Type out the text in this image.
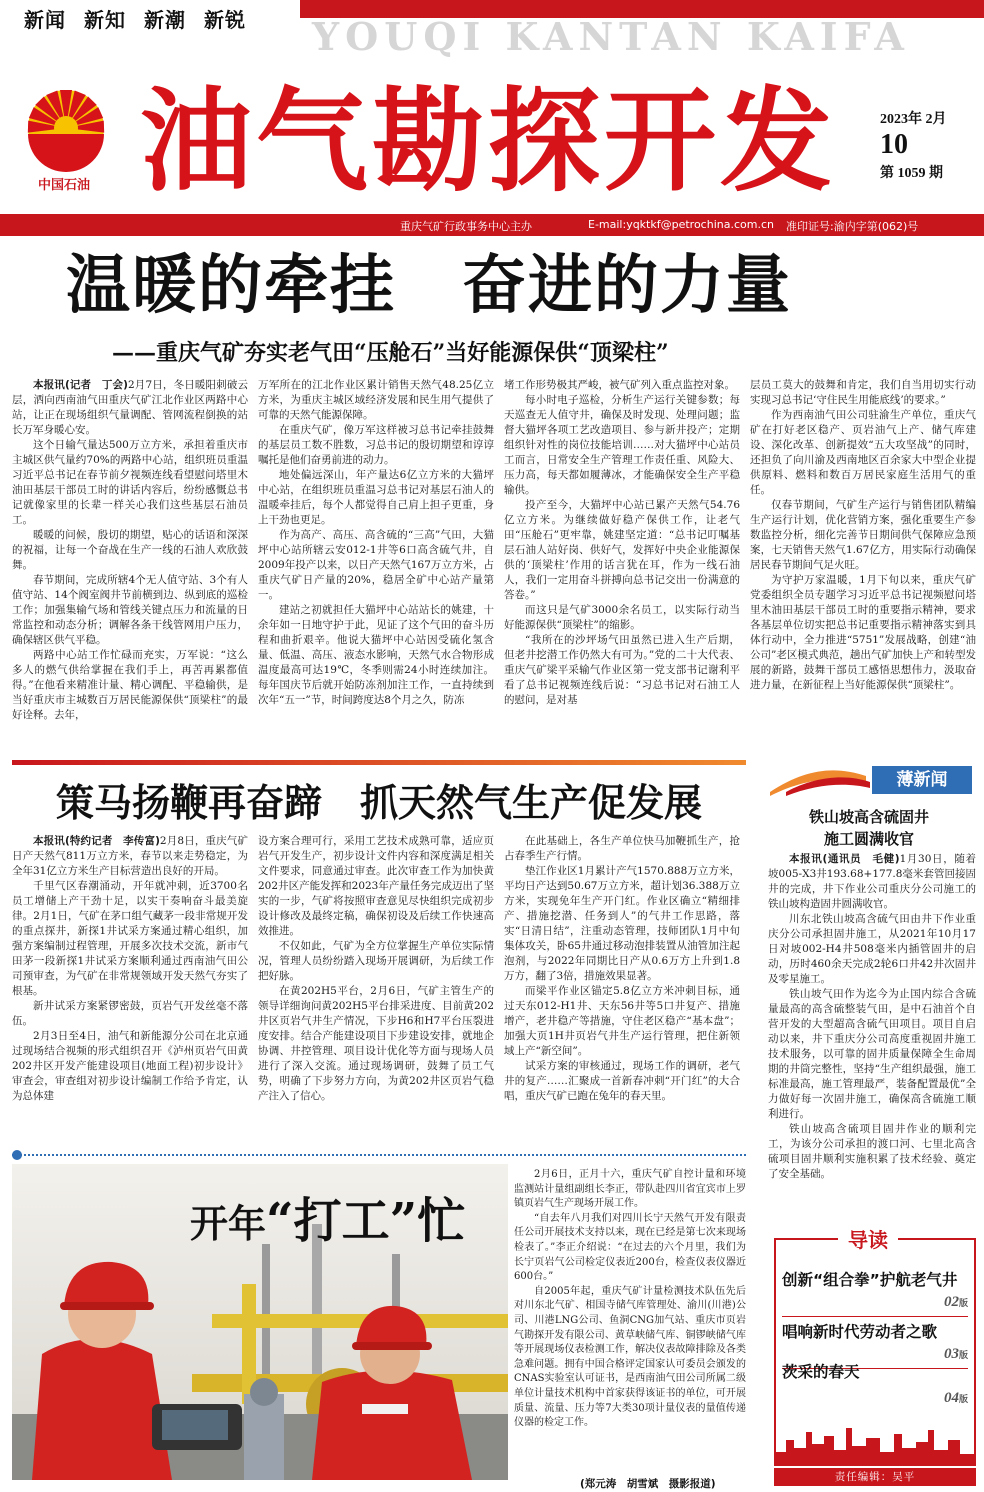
新闻 新知 新潮 新锐 YOUQI KANTAN KAIFA
中国石油 油气勘探开发	2023年 2月
10
第 1059 期
重庆气矿行政事务中心主办	E-mail:yqktkf@petrochina.com.cn 准印证号:渝内字第(062)号
温暖的牵挂　奋进的力量
——重庆气矿夯实老气田“压舱石”当好能源保供“顶梁柱”

本报讯(记者　丁会)2月7日，冬日暖阳刺破云层，洒向西南油气田重庆气矿江北作业区两路中心站，让正在现场组织气量调配、管网流程倒换的站长万军身暖心安。

这个日输气量达500万立方米，承担着重庆市主城区供气量约70%的两路中心站，组织班员重温习近平总书记在春节前夕视频连线看望慰问塔里木油田基层干部员工时的讲话内容后，纷纷感慨总书记就像家里的长辈一样关心我们这些基层石油员工。

暖暖的问候，殷切的期望，贴心的话语和深深的祝福，让每一个奋战在生产一线的石油人欢欣鼓舞。

春节期间，完成所辖4个无人值守站、3个有人值守站、14个阀室阀井节前横到边、纵到底的巡检工作；加强集输气场和管线关键点压力和流量的日常监控和动态分析；调解各条干线管网用户压力，确保辖区供气平稳。

两路中心站工作忙碌而充实，万军说：“这么多人的燃气供给掌握在我们手上，再苦再累都值得。”在他看来精准计量、精心调配、平稳输供，是当好重庆市主城数百万居民能源保供“顶梁柱”的最好诠释。去年，

万军所在的江北作业区累计销售天然气48.25亿立方米，为重庆主城区域经济发展和民生用气提供了可靠的天然气能源保障。

在重庆气矿，像万军这样被习总书记牵挂鼓舞的基层员工数不胜数，习总书记的殷切期望和谆谆嘱托是他们奋勇前进的动力。

地处偏远深山，年产量达6亿立方米的大猫坪中心站，在组织班员重温习总书记对基层石油人的温暖牵挂后，每个人都觉得自己肩上担子更重，身上干劲也更足。

作为高产、高压、高含硫的“三高”气田，大猫坪中心站所辖云安012-1井等6口高含硫气井，自2009年投产以来，以日产天然气167万立方米，占重庆气矿日产量的20%，稳居全矿中心站产量第一。

建站之初就担任大猫坪中心站站长的姚建，十余年如一日地守护于此，见证了这个气田的奋斗历程和曲折艰辛。他说大猫坪中心站因受硫化氢含量、低温、高压、液态水影响，天然气水合物形成温度最高可达19℃，冬季则需24小时连续加注。每年国庆节后就开始防冻剂加注工作，一直持续到次年“五一”节，时间跨度达8个月之久，防冻

堵工作形势极其严峻，被气矿列入重点监控对象。

每小时电子巡检，分析生产运行关键参数；每天巡查无人值守井，确保及时发现、处理问题；监督大猫坪各项工艺改造项目、参与新井投产；定期组织针对性的岗位技能培训……对大猫坪中心站员工而言，日常安全生产管理工作责任重、风险大、压力高，每天都如履薄冰，才能确保安全生产平稳输供。

投产至今，大猫坪中心站已累产天然气54.76亿立方米。为继续做好稳产保供工作，让老气田“压舱石”更牢靠，姚建坚定道：“总书记叮嘱基层石油人站好岗、供好气，发挥好中央企业能源保供的‘顶梁柱’作用的话言犹在耳，作为一线石油人，我们一定用奋斗拼搏向总书记交出一份满意的答卷。”

而这只是气矿3000余名员工，以实际行动当好能源保供“顶梁柱”的缩影。

“我所在的沙坪场气田虽然已进入生产后期，但老井挖潜工作仍然大有可为。”党的二十大代表、重庆气矿梁平采输气作业区第一党支部书记谢利平看了总书记视频连线后说：“习总书记对石油工人的慰问，是对基

层员工莫大的鼓舞和肯定，我们自当用切实行动实现习总书记‘守住民生用能底线’的要求。”

作为西南油气田公司驻渝生产单位，重庆气矿在打好老区稳产、页岩油气上产、储气库建设、深化改革、创新提效“五大攻坚战”的同时，还担负了向川渝及西南地区百余家大中型企业提供原料、燃料和数百万居民家庭生活用气的重任。

仅春节期间，气矿生产运行与销售团队精编生产运行计划，优化营销方案，强化重要生产参数监控分析，细化完善节日期间供气保障应急预案，七天销售天然气1.67亿方，用实际行动确保居民春节期间气足火旺。

为守护万家温暖，1月下旬以来，重庆气矿党委组织全员专题学习习近平总书记视频慰问塔里木油田基层干部员工时的重要指示精神，要求各基层单位切实把总书记重要指示精神落实到具体行动中，全力推进“5751”发展战略，创建“油公司”老区模式典范，趟出气矿加快上产和转型发展的新路，鼓舞干部员工感悟思想伟力，汲取奋进力量，在新征程上当好能源保供“顶梁柱”。

策马扬鞭再奋蹄　抓天然气生产促发展

本报讯(特约记者　李传富)2月8日，重庆气矿日产天然气811万立方米，春节以来走势稳定，为全年31亿立方米生产目标营造出良好的开局。

千里气区春潮涌动，开年就冲刺，近3700名员工增储上产干劲十足，以实干奏响奋斗最美旋律。2月1日，气矿在茅口组气藏茅一段非常规开发的重点探井，新探1井试采方案通过精心组织，加强方案编制过程管理，开展多次技术交流，新市气田茅一段新探1井试采方案顺利通过西南油气田公司预审查，为气矿在非常规领域开发天然气夯实了根基。

新井试采方案紧锣密鼓，页岩气开发丝毫不落伍。

2月3日至4日，油气和新能源分公司在北京通过现场结合视频的形式组织召开《泸州页岩气田黄202井区开发产能建设项目(地面工程)初步设计》审查会，审查组对初步设计编制工作给予肯定，认为总体建

设方案合理可行，采用工艺技术成熟可靠，适应页岩气开发生产，初步设计文件内容和深度满足相关文件要求，同意通过审查。此次审查工作为加快黄202井区产能发挥和2023年产量任务完成迈出了坚实的一步，气矿将按照审查意见尽快组织完成初步设计修改及最终定稿，确保初设及后续工作快速高效推进。

不仅如此，气矿为全方位掌握生产单位实际情况，管理人员纷纷踏入现场开展调研，为后续工作把好脉。

在黄202H5平台，2月6日，气矿主管生产的领导详细询问黄202H5平台排采进度、目前黄202井区页岩气井生产情况，下步H6和H7平台压裂进度安排。结合产能建设项目下步建设安排，就地企协调、井控管理、项目设计优化等方面与现场人员进行了深入交流。通过现场调研，鼓舞了员工气势，明确了下步努力方向，为黄202井区页岩气稳产注入了信心。

在此基础上，各生产单位快马加鞭抓生产，抢占春季生产行情。

垫江作业区1月累计产气1570.888万立方米，平均日产达到50.67万立方米，超计划36.388万立方米，实现免年生产开门红。作业区确立“精细排产、措施挖潜、任务到人”的气井工作思路，落实“日清日结”，注重动态管理，技师团队1月中旬集体攻关，卧65井通过移动泡排装置从油管加注起泡剂，与2022年同期比日产从0.6万方上升到1.8万方，翻了3倍，措施效果显著。

而梁平作业区锚定5.8亿立方米冲刺目标，通过天东012-H1井、天东56井等5口井复产、措施增产，老井稳产等措施，守住老区稳产“基本盘”；加强大页1H井页岩气井生产运行管理，把住新领域上产“新空间”。

试采方案的审核通过，现场工作的调研，老气井的复产……汇聚成一首新春冲刺“开门红”的大合唱，重庆气矿已跑在兔年的春天里。

薄新闻
铁山坡高含硫固井
施工圆满收官

本报讯(通讯员　毛健)1月30日，随着坡005-X3井193.68+177.8毫米套管回接固井的完成，井下作业公司重庆分公司施工的铁山坡构造固井圆满收官。

川东北铁山坡高含硫气田由井下作业重庆分公司承担固井施工，从2021年10月17日对坡002-H4井508毫米内插管固井的启动，历时460余天完成2轮6口井42井次固井及零星施工。

铁山坡气田作为迄今为止国内综合含硫量最高的高含硫整装气田，是中石油首个自营开发的大型超高含硫气田项目。项目自启动以来，井下重庆分公司高度重视固井施工技术服务，以可靠的固井质量保障全生命周期的井筒完整性，坚持“生产组织最强，施工标准最高，施工管理最严，装备配置最优”全力做好每一次固井施工，确保高含硫施工顺利进行。

铁山坡高含硫项目固井作业的顺利完工，为该分公司承担的渡口河、七里北高含硫项目固井顺利实施积累了技术经验、奠定了安全基础。

开年“打工”忙

2月6日，正月十六，重庆气矿自控计量和环境监测站计量组副组长李正，带队赴四川省宜宾市上罗镇页岩气生产现场开展工作。

“自去年八月我们对四川长宁天然气开发有限责任公司开展技术支持以来，现在已经是第七次来现场检表了。”李正介绍说：“在过去的六个月里，我们为长宁页岩气公司检定仪表近200台，检查仪表仪器近600台。”

自2005年起，重庆气矿计量检测技术队伍先后对川东北气矿、相国寺储气库管理处、渝川(川港)公司、川港LNG公司、鱼洞CNG加气站、重庆市页岩气勘探开发有限公司、黄草峡储气库、铜锣峡储气库等开展现场仪表检测工作，解决仪表故障排除及各类急难问题。拥有中国合格评定国家认可委员会颁发的CNAS实验室认可证书，是西南油气田公司所属二级单位计量技术机构中首家获得该证书的单位，可开展质量、流量、压力等7大类30项计量仪表的量值传递仪器的检定工作。

(郑元涛　胡雪斌　摄影报道)
导读
创新“组合拳”护航老气井
02版
唱响新时代劳动者之歌
03版
茨采的春天
04版
责任编辑：吴平
